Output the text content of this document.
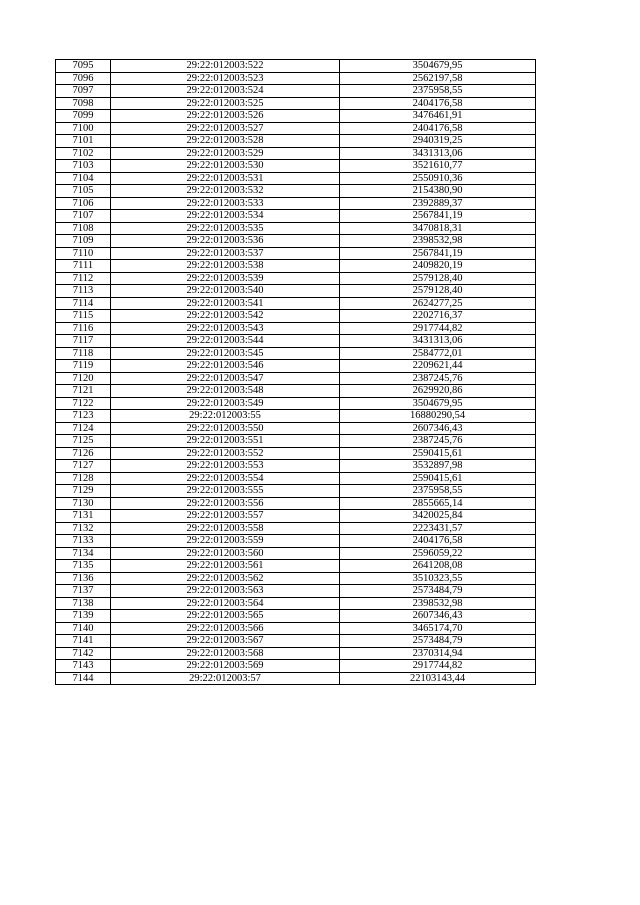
7095	29:22:012003:522	3504679,95
7096	29:22:012003:523	2562197,58
7097	29:22:012003:524	2375958,55
7098	29:22:012003:525	2404176,58
7099	29:22:012003:526	3476461,91
7100	29:22:012003:527	2404176,58
7101	29:22:012003:528	2940319,25
7102	29:22:012003:529	3431313,06
7103	29:22:012003:530	3521610,77
7104	29:22:012003:531	2550910,36
7105	29:22:012003:532	2154380,90
7106	29:22:012003:533	2392889,37
7107	29:22:012003:534	2567841,19
7108	29:22:012003:535	3470818,31
7109	29:22:012003:536	2398532,98
7110	29:22:012003:537	2567841,19
7111	29:22:012003:538	2409820,19
7112	29:22:012003:539	2579128,40
7113	29:22:012003:540	2579128,40
7114	29:22:012003:541	2624277,25
7115	29:22:012003:542	2202716,37
7116	29:22:012003:543	2917744,82
7117	29:22:012003:544	3431313,06
7118	29:22:012003:545	2584772,01
7119	29:22:012003:546	2209621,44
7120	29:22:012003:547	2387245,76
7121	29:22:012003:548	2629920,86
7122	29:22:012003:549	3504679,95
7123	29:22:012003:55	16880290,54
7124	29:22:012003:550	2607346,43
7125	29:22:012003:551	2387245,76
7126	29:22:012003:552	2590415,61
7127	29:22:012003:553	3532897,98
7128	29:22:012003:554	2590415,61
7129	29:22:012003:555	2375958,55
7130	29:22:012003:556	2855665,14
7131	29:22:012003:557	3420025,84
7132	29:22:012003:558	2223431,57
7133	29:22:012003:559	2404176,58
7134	29:22:012003:560	2596059,22
7135	29:22:012003:561	2641208,08
7136	29:22:012003:562	3510323,55
7137	29:22:012003:563	2573484,79
7138	29:22:012003:564	2398532,98
7139	29:22:012003:565	2607346,43
7140	29:22:012003:566	3465174,70
7141	29:22:012003:567	2573484,79
7142	29:22:012003:568	2370314,94
7143	29:22:012003:569	2917744,82
7144	29:22:012003:57	22103143,44
